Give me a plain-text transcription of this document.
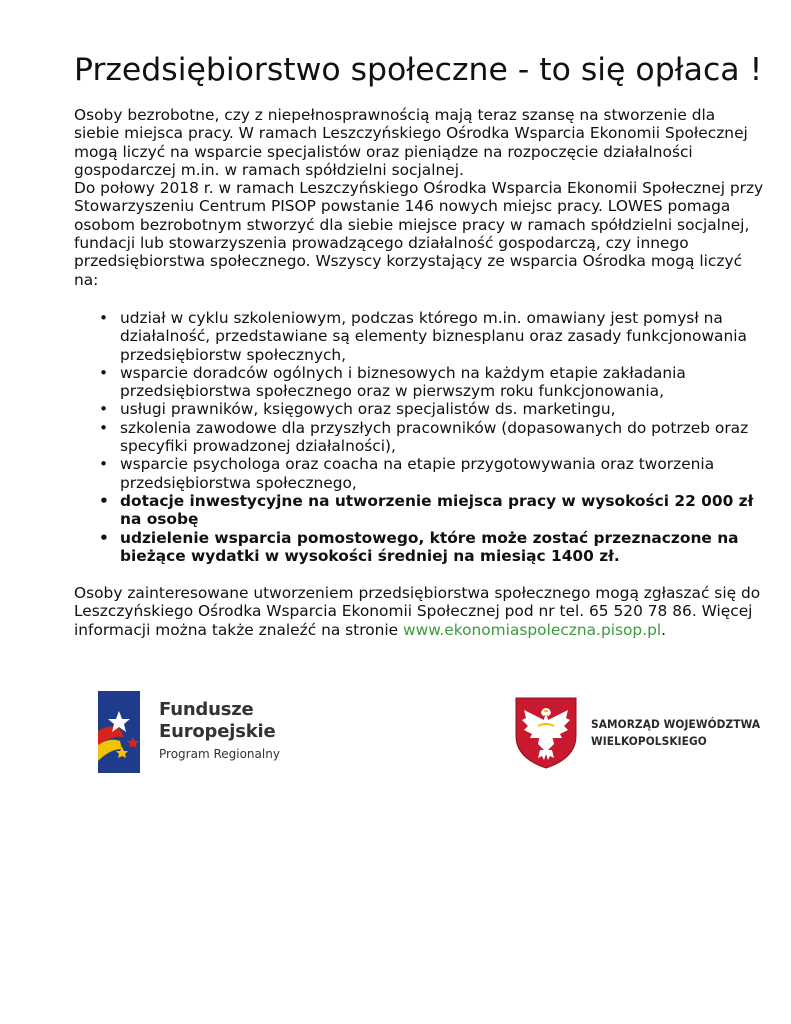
Przedsiębiorstwo społeczne - to się opłaca !

Osoby bezrobotne, czy z niepełnosprawnością mają teraz szansę na stworzenie dla siebie miejsca pracy. W ramach Leszczyńskiego Ośrodka Wsparcia Ekonomii Społecznej mogą liczyć na wsparcie specjalistów oraz pieniądze na rozpoczęcie działalności gospodarczej m.in. w ramach spółdzielni socjalnej.

Do połowy 2018 r. w ramach Leszczyńskiego Ośrodka Wsparcia Ekonomii Społecznej przy Stowarzyszeniu Centrum PISOP powstanie 146 nowych miejsc pracy. LOWES pomaga osobom bezrobotnym stworzyć dla siebie miejsce pracy w ramach spółdzielni socjalnej, fundacji lub stowarzyszenia prowadzącego działalność gospodarczą, czy innego przedsiębiorstwa społecznego. Wszyscy korzystający ze wsparcia Ośrodka mogą liczyć na:

• udział w cyklu szkoleniowym, podczas którego m.in. omawiany jest pomysł na działalność, przedstawiane są elementy biznesplanu oraz zasady funkcjonowania przedsiębiorstw społecznych,
• wsparcie doradców ogólnych i biznesowych na każdym etapie zakładania przedsiębiorstwa społecznego oraz w pierwszym roku funkcjonowania,
• usługi prawników, księgowych oraz specjalistów ds. marketingu,
• szkolenia zawodowe dla przyszłych pracowników (dopasowanych do potrzeb oraz specyfiki prowadzonej działalności),
• wsparcie psychologa oraz coacha na etapie przygotowywania oraz tworzenia przedsiębiorstwa społecznego,
• dotacje inwestycyjne na utworzenie miejsca pracy w wysokości 22 000 zł na osobę
• udzielenie wsparcia pomostowego, które może zostać przeznaczone na bieżące wydatki w wysokości średniej na miesiąc 1400 zł.

Osoby zainteresowane utworzeniem przedsiębiorstwa społecznego mogą zgłaszać się do Leszczyńskiego Ośrodka Wsparcia Ekonomii Społecznej pod nr tel. 65 520 78 86. Więcej informacji można także znaleźć na stronie www.ekonomiaspoleczna.pisop.pl.

Fundusze
Europejskie
Program Regionalny
SAMORZĄD WOJEWÓDZTWA
WIELKOPOLSKIEGO
